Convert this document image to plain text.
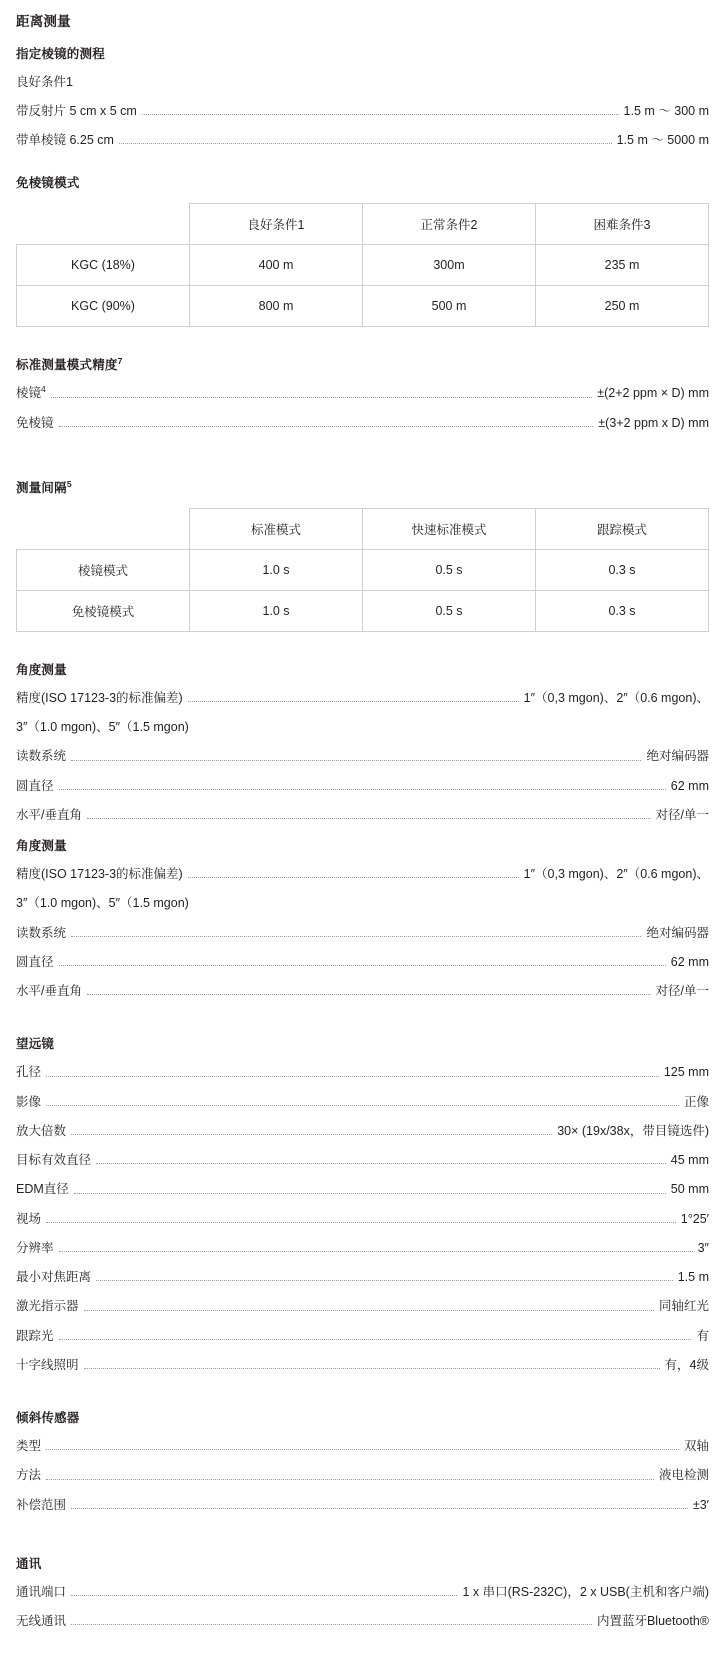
距离测量
指定棱镜的测程
良好条件1
带反射片 5 cm x 5 cm	1.5 m ～ 300 m
带单棱镜 6.25 cm	1.5 m ～ 5000 m
免棱镜模式
	良好条件1	正常条件2	困难条件3
KGC (18%)	400 m	300m	235 m
KGC (90%)	800 m	500 m	250 m
标准测量模式精度$^7$
棱镜$^4$	±(2+2 ppm × D) mm
免棱镜	±(3+2 ppm x D) mm
测量间隔$^5$
	标准模式	快速标准模式	跟踪模式
棱镜模式	1.0 s	0.5 s	0.3 s
免棱镜模式	1.0 s	0.5 s	0.3 s
角度测量
精度(ISO 17123-3的标准偏差)	1″（0,3 mgon)、2″（0.6 mgon)、
3″（1.0 mgon)、5″（1.5 mgon)
读数系统	绝对编码器
圆直径	62 mm
水平/垂直角	对径/单一
角度测量
精度(ISO 17123-3的标准偏差)	1″（0,3 mgon)、2″（0.6 mgon)、
3″（1.0 mgon)、5″（1.5 mgon)
读数系统	绝对编码器
圆直径	62 mm
水平/垂直角	对径/单一
望远镜
孔径	125 mm
影像	正像
放大倍数	30× (19x/38x，带目镜选件)
目标有效直径	45 mm
EDM直径	50 mm
视场	1°25′
分辨率	3″
最小对焦距离	1.5 m
激光指示器	同轴红光
跟踪光	有
十字线照明	有，4级
倾斜传感器
类型	双轴
方法	液电检测
补偿范围	±3′
通讯
通讯端口	1 x 串口(RS-232C)，2 x USB(主机和客户端)
无线通讯	内置蓝牙Bluetooth®
